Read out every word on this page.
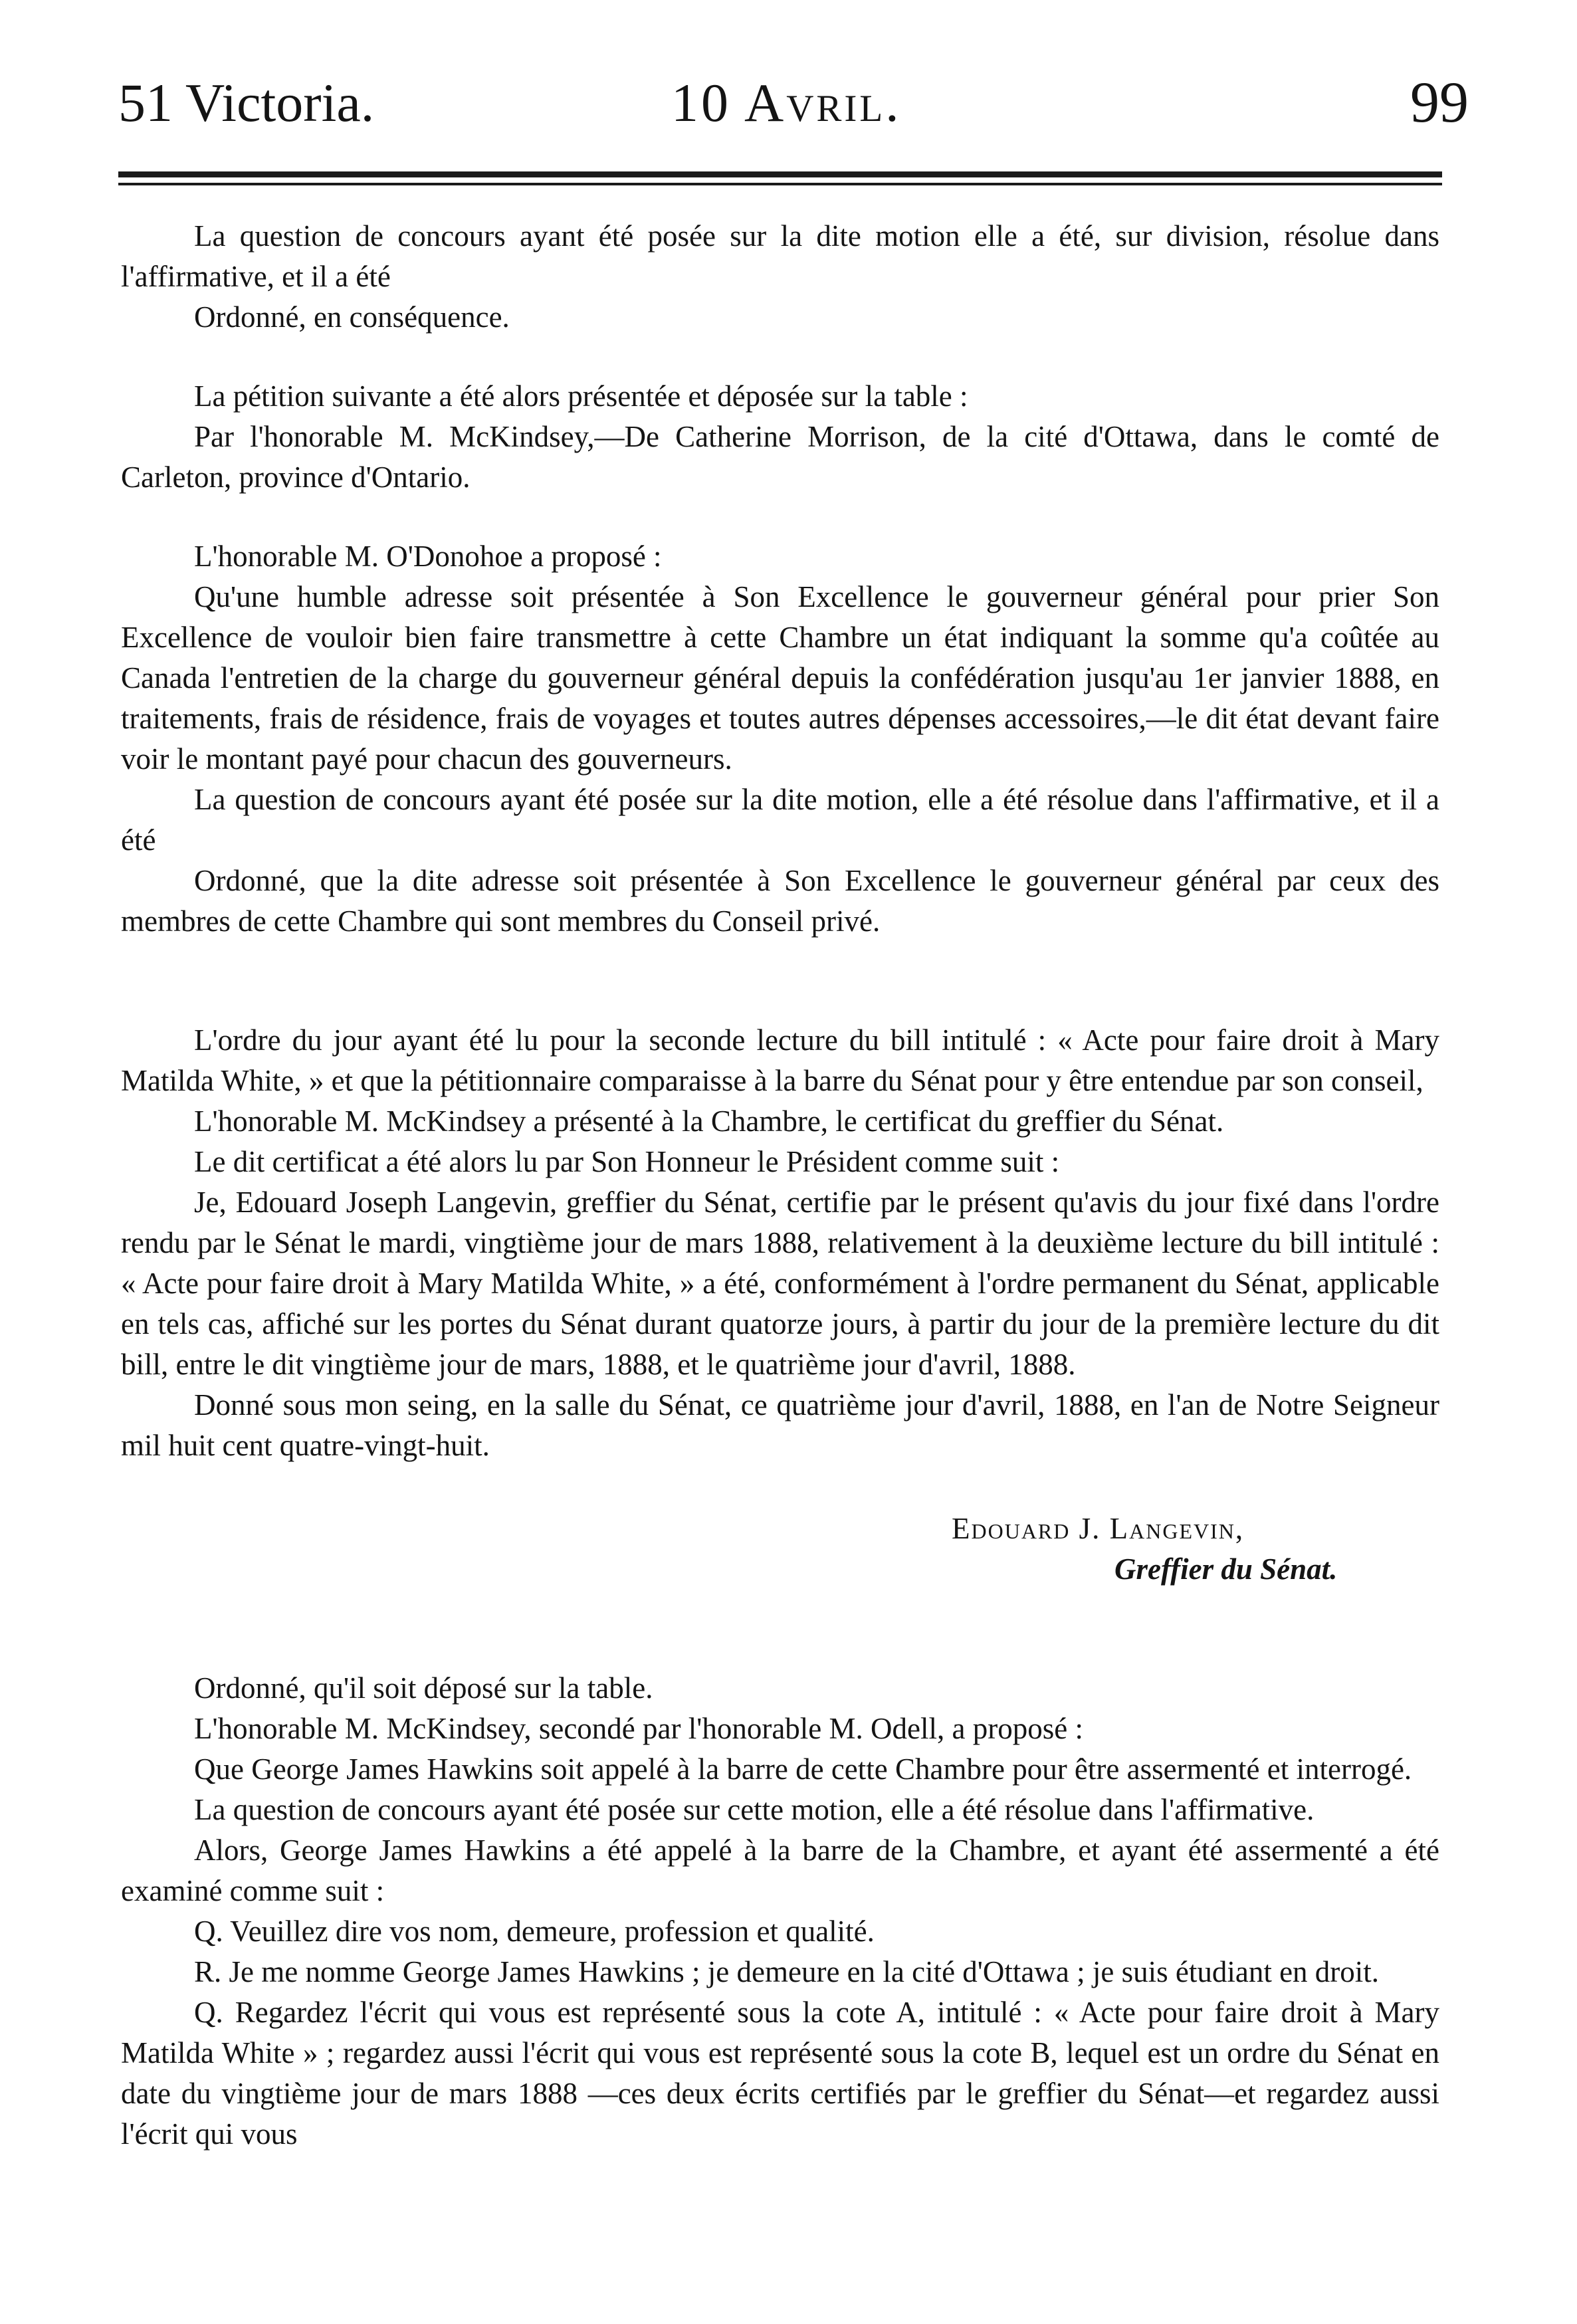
51 Victoria.	10 Avril.	99

La question de concours ayant été posée sur la dite motion elle a été, sur division, résolue dans l'affirmative, et il a été

Ordonné, en conséquence.

La pétition suivante a été alors présentée et déposée sur la table :

Par l'honorable M. McKindsey,—De Catherine Morrison, de la cité d'Ottawa, dans le comté de Carleton, province d'Ontario.

L'honorable M. O'Donohoe a proposé :

Qu'une humble adresse soit présentée à Son Excellence le gouverneur général pour prier Son Excellence de vouloir bien faire transmettre à cette Chambre un état indiquant la somme qu'a coûtée au Canada l'entretien de la charge du gouverneur général depuis la confédération jusqu'au 1er janvier 1888, en traitements, frais de résidence, frais de voyages et toutes autres dépenses accessoires,—le dit état devant faire voir le montant payé pour chacun des gouverneurs.

La question de concours ayant été posée sur la dite motion, elle a été résolue dans l'affirmative, et il a été

Ordonné, que la dite adresse soit présentée à Son Excellence le gouverneur général par ceux des membres de cette Chambre qui sont membres du Conseil privé.

L'ordre du jour ayant été lu pour la seconde lecture du bill intitulé : « Acte pour faire droit à Mary Matilda White, » et que la pétitionnaire comparaisse à la barre du Sénat pour y être entendue par son conseil,

L'honorable M. McKindsey a présenté à la Chambre, le certificat du greffier du Sénat.

Le dit certificat a été alors lu par Son Honneur le Président comme suit :

Je, Edouard Joseph Langevin, greffier du Sénat, certifie par le présent qu'avis du jour fixé dans l'ordre rendu par le Sénat le mardi, vingtième jour de mars 1888, relativement à la deuxième lecture du bill intitulé : « Acte pour faire droit à Mary Matilda White, » a été, conformément à l'ordre permanent du Sénat, applicable en tels cas, affiché sur les portes du Sénat durant quatorze jours, à partir du jour de la première lecture du dit bill, entre le dit vingtième jour de mars, 1888, et le quatrième jour d'avril, 1888.

Donné sous mon seing, en la salle du Sénat, ce quatrième jour d'avril, 1888, en l'an de Notre Seigneur mil huit cent quatre-vingt-huit.

Edouard J. Langevin,

Greffier du Sénat.

Ordonné, qu'il soit déposé sur la table.

L'honorable M. McKindsey, secondé par l'honorable M. Odell, a proposé :

Que George James Hawkins soit appelé à la barre de cette Chambre pour être assermenté et interrogé.

La question de concours ayant été posée sur cette motion, elle a été résolue dans l'affirmative.

Alors, George James Hawkins a été appelé à la barre de la Chambre, et ayant été assermenté a été examiné comme suit :

Q. Veuillez dire vos nom, demeure, profession et qualité.

R. Je me nomme George James Hawkins ; je demeure en la cité d'Ottawa ; je suis étudiant en droit.

Q. Regardez l'écrit qui vous est représenté sous la cote A, intitulé : « Acte pour faire droit à Mary Matilda White » ; regardez aussi l'écrit qui vous est représenté sous la cote B, lequel est un ordre du Sénat en date du vingtième jour de mars 1888 —ces deux écrits certifiés par le greffier du Sénat—et regardez aussi l'écrit qui vous
